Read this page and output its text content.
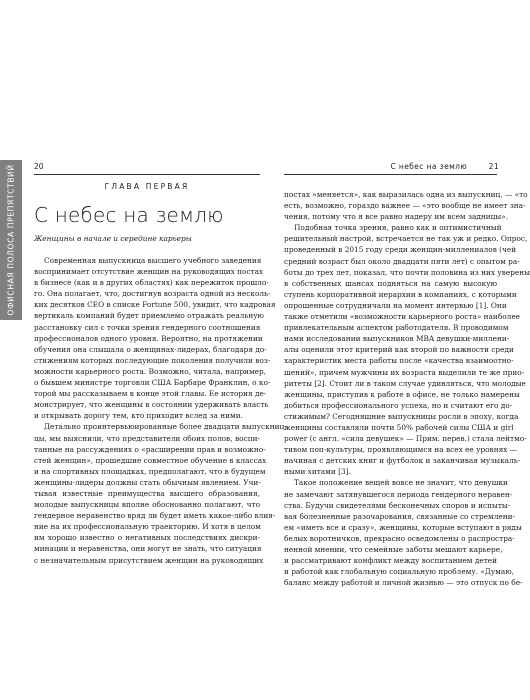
ОФИСНАЯ ПОЛОСА ПРЕПЯТСТВИЙ 20	С небес на землю	21
ГЛАВА ПЕРВАЯ
С небес на землю
Женщины в начале и середине карьеры
Современная выпускница высшего учебного заведения
воспринимает отсутствие женщин на руководящих постах
в бизнесе (как и в других областях) как пережиток прошло-
го. Она полагает, что, достигнув возраста одной из несколь-
ких десятков CEO в списке Fortune 500, увидит, что кадровая
вертикаль компаний будет приемлемо отражать реальную
расстановку сил с точки зрения гендерного соотношения
профессионалов одного уровня. Вероятно, на протяжении
обучения она слышала о женщинах-лидерах, благодаря до-
стижениям которых последующие поколения получили воз-
можности карьерного роста. Возможно, читала, например,
о бывшем министре торговли США Барбаре Франклин, о ко-
торой мы рассказываем в конце этой главы. Ее история де-
монстрирует, что женщины в состоянии удерживать власть
и открывать дорогу тем, кто приходит вслед за ними.
Детально проинтервьюированные более двадцати выпускниц-
цы, мы выяснили, что представители обоих полов, воспи-
танные на рассуждениях о «расширении прав и возможно-
стей женщин», прошедшие совместное обучение в классах
и на спортивных площадках, предполагают, что в будущем
женщины-лидеры должны стать обычным явлением. Учи-
тывая известные преимущества высшего образования,
молодые выпускницы вполне обоснованно полагают, что
гендерное неравенство вряд ли будет иметь какое-либо влия-
ние на их профессиональную траекторию. И хотя в целом
им хорошо известно о негативных последствиях дискри-
минации и неравенства, они могут не знать, что ситуация
с незначительным присутствием женщин на руководящих
постах «меняется», как выразилась одна из выпускниц, — «то
есть, возможно, гораздо важнее — «это вообще не имеет зна-
чения, потому что я все равно надеру им всем задницы».
Подобная точка зрения, равно как и оптимистичный
решительный настрой, встречается не так уж и редко. Опрос,
проведенный в 2015 году среди женщин-миллениалов (чей
средний возраст был около двадцати пяти лет) с опытом ра-
боты до трех лет, показал, что почти половина из них уверены
в собственных шансах подняться на самую высокую
ступень корпоративной иерархии в компаниях, с которыми
опрошенные сотрудничали на момент интервью [1]. Они
также отметили «возможности карьерного роста» наиболее
привлекательным аспектом работодателя. В проводимом
нами исследовании выпускников MBA девушки-миллени-
алы оценили этот критерий как второй по важности среди
характеристик места работы после «качества взаимоотно-
шений», причем мужчины их возраста выделили те же прио-
ритеты [2]. Стоит ли в таком случае удивляться, что молодые
женщины, приступив к работе в офисе, не только намерены
добиться профессионального успеха, но и считают его до-
стижимым? Сегодняшние выпускницы росли в эпоху, когда
женщины составляли почти 50% рабочей силы США и girl
power (с англ. «сила девушек» — Прим. перев.) стала лейтмо-
тивом поп-культуры, проявляющимся на всех ее уровнях —
начиная с детских книг и футболок и заканчивая музыкаль-
ными хитами [3].
Такое положение вещей вовсе не значит, что девушки
не замечают затянувшегося периода гендерного неравен-
ства. Будучи свидетелями бесконечных споров и испыты-
вая болезненные разочарования, связанные со стремлени-
ем «иметь все и сразу», женщины, которые вступают в ряды
белых воротничков, прекрасно осведомлены о распростра-
ненной мнении, что семейные заботы мешают карьере,
и рассматривают конфликт между воспитанием детей
и работой как глобальную социальную проблему. «Думаю,
баланс между работой и личной жизнью — это отпуск по бе-
